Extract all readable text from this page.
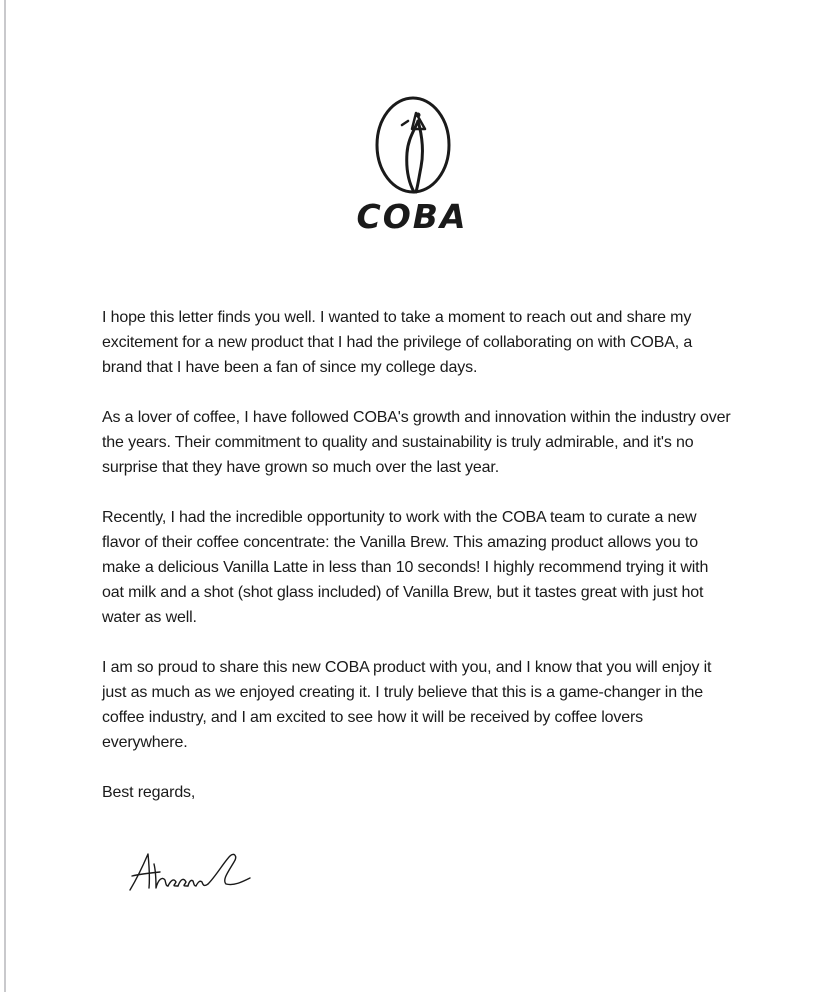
COBA

I hope this letter finds you well. I wanted to take a moment to reach out and share my excitement for a new product that I had the privilege of collaborating on with COBA, a brand that I have been a fan of since my college days.

As a lover of coffee, I have followed COBA's growth and innovation within the industry over the years. Their commitment to quality and sustainability is truly admirable, and it's no surprise that they have grown so much over the last year.

Recently, I had the incredible opportunity to work with the COBA team to curate a new flavor of their coffee concentrate: the Vanilla Brew. This amazing product allows you to make a delicious Vanilla Latte in less than 10 seconds! I highly recommend trying it with oat milk and a shot (shot glass included) of Vanilla Brew, but it tastes great with just hot water as well.

I am so proud to share this new COBA product with you, and I know that you will enjoy it just as much as we enjoyed creating it. I truly believe that this is a game-changer in the coffee industry, and I am excited to see how it will be received by coffee lovers everywhere.

Best regards,
